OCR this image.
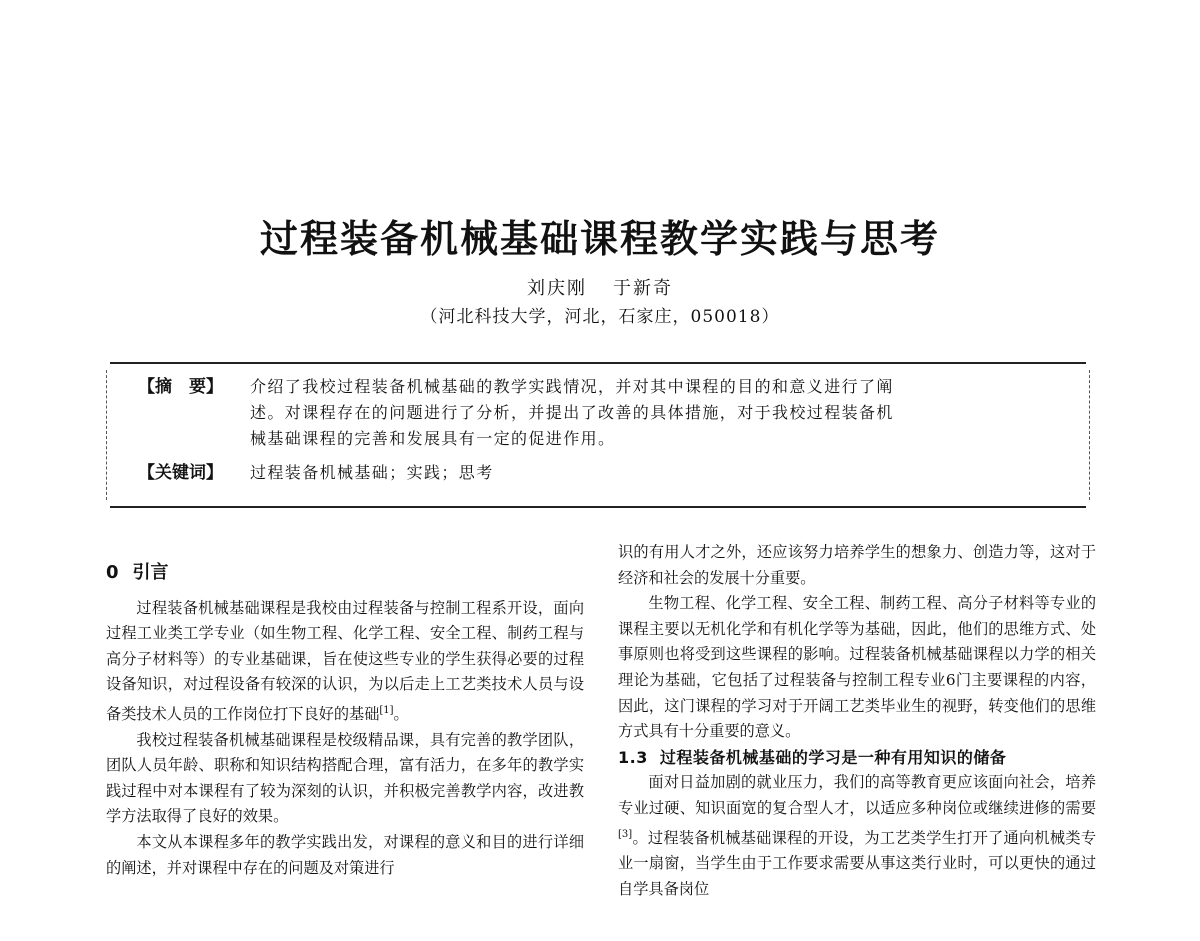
过程装备机械基础课程教学实践与思考
刘庆刚 于新奇
（河北科技大学，河北，石家庄，050018）
【摘　要】 介绍了我校过程装备机械基础的教学实践情况，并对其中课程的目的和意义进行了阐
述。对课程存在的问题进行了分析，并提出了改善的具体措施，对于我校过程装备机
械基础课程的完善和发展具有一定的促进作用。
【关键词】 过程装备机械基础；实践；思考
0 引言

过程装备机械基础课程是我校由过程装备与控制工程系开设，面向过程工业类工学专业（如生物工程、化学工程、安全工程、制药工程与高分子材料等）的专业基础课，旨在使这些专业的学生获得必要的过程设备知识，对过程设备有较深的认识，为以后走上工艺类技术人员与设备类技术人员的工作岗位打下良好的基础[1]。

我校过程装备机械基础课程是校级精品课，具有完善的教学团队，团队人员年龄、职称和知识结构搭配合理，富有活力，在多年的教学实践过程中对本课程有了较为深刻的认识，并积极完善教学内容，改进教学方法取得了良好的效果。

本文从本课程多年的教学实践出发，对课程的意义和目的进行详细的阐述，并对课程中存在的问题及对策进行

识的有用人才之外，还应该努力培养学生的想象力、创造力等，这对于经济和社会的发展十分重要。

生物工程、化学工程、安全工程、制药工程、高分子材料等专业的课程主要以无机化学和有机化学等为基础，因此，他们的思维方式、处事原则也将受到这些课程的影响。过程装备机械基础课程以力学的相关理论为基础，它包括了过程装备与控制工程专业6门主要课程的内容，因此，这门课程的学习对于开阔工艺类毕业生的视野，转变他们的思维方式具有十分重要的意义。

1.3 过程装备机械基础的学习是一种有用知识的储备

面对日益加剧的就业压力，我们的高等教育更应该面向社会，培养专业过硬、知识面宽的复合型人才，以适应多种岗位或继续进修的需要[3]。过程装备机械基础课程的开设，为工艺类学生打开了通向机械类专业一扇窗，当学生由于工作要求需要从事这类行业时，可以更快的通过自学具备岗位
